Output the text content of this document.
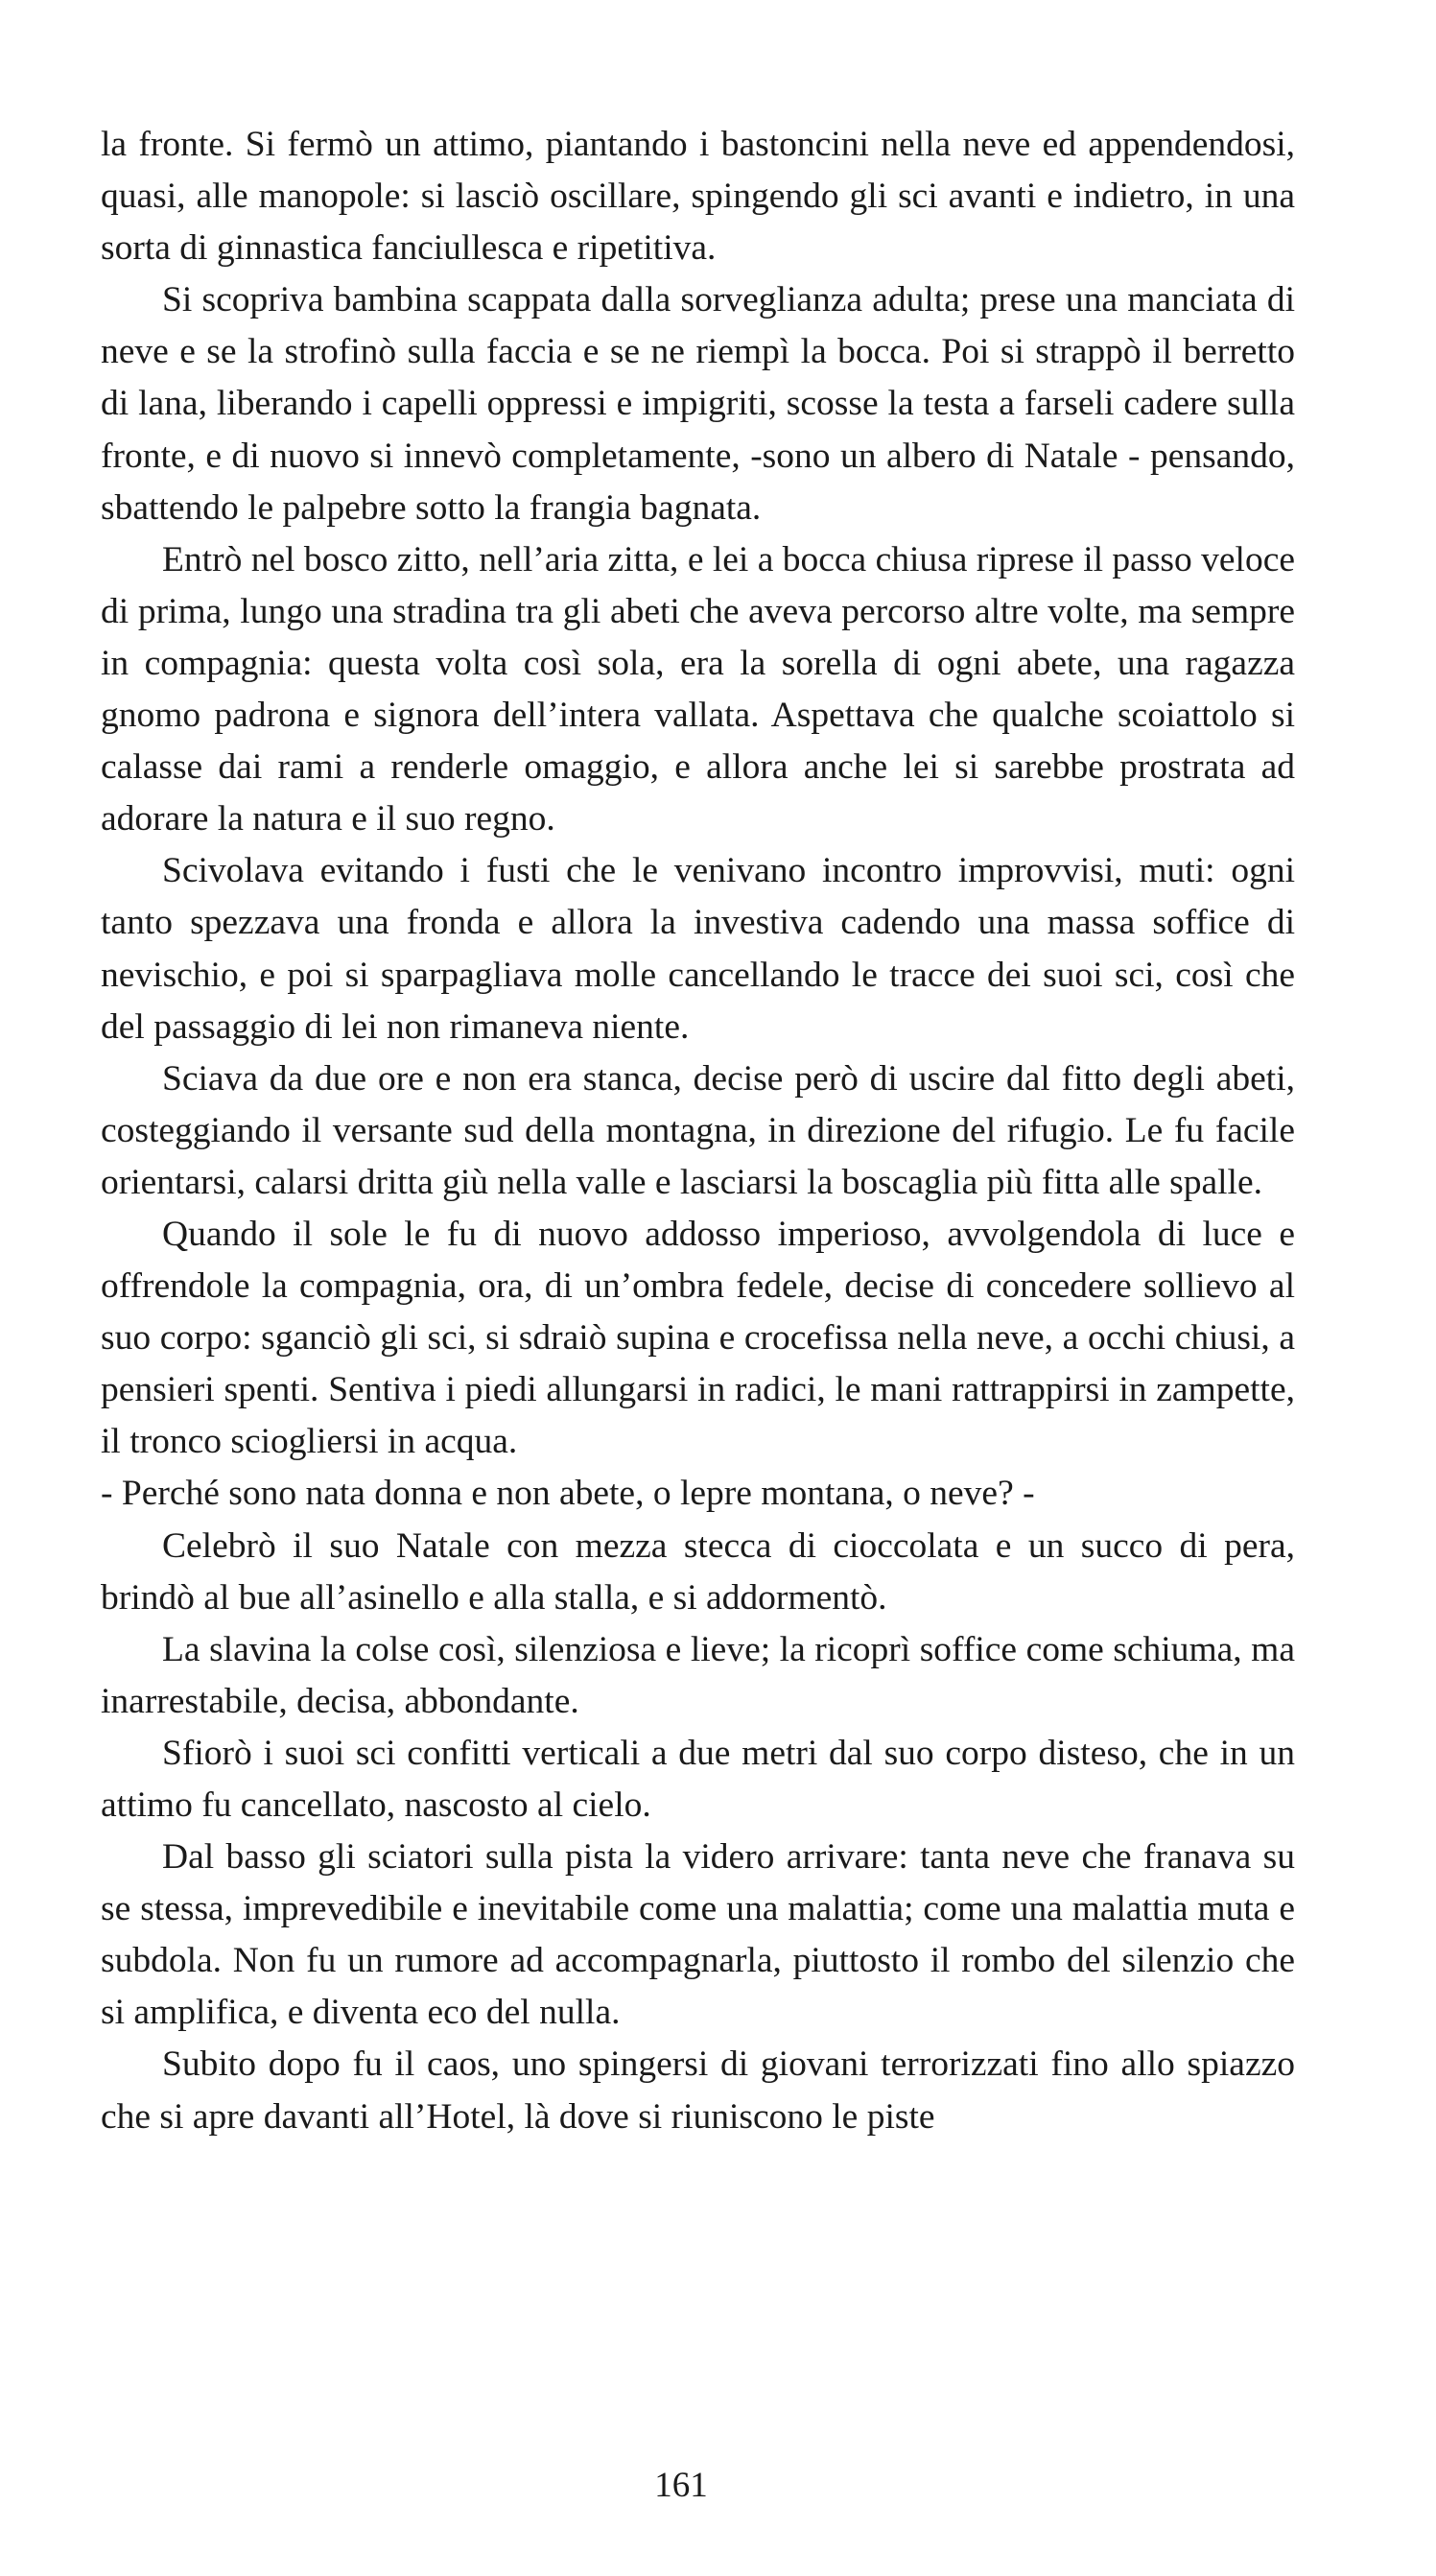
la fronte. Si fermò un attimo, piantando i bastoncini nella neve ed appendendosi, quasi, alle manopole: si lasciò oscillare, spingendo gli sci avanti e indietro, in una sorta di ginnastica fanciullesca e ripetitiva.

Si scopriva bambina scappata dalla sorveglianza adulta; prese una manciata di neve e se la strofinò sulla faccia e se ne riempì la bocca. Poi si strappò il berretto di lana, liberando i capelli oppressi e impigriti, scosse la testa a farseli cadere sulla fronte, e di nuovo si innevò completamente, -sono un albero di Natale - pensando, sbattendo le palpebre sotto la frangia bagnata.

Entrò nel bosco zitto, nell’aria zitta, e lei a bocca chiusa riprese il passo veloce di prima, lungo una stradina tra gli abeti che aveva percorso altre volte, ma sempre in compagnia: questa volta così sola, era la sorella di ogni abete, una ragazza gnomo padrona e signora dell’intera vallata. Aspettava che qualche scoiattolo si calasse dai rami a renderle omaggio, e allora anche lei si sarebbe prostrata ad adorare la natura e il suo regno.

Scivolava evitando i fusti che le venivano incontro improvvisi, muti: ogni tanto spezzava una fronda e allora la investiva cadendo una massa soffice di nevischio, e poi si sparpagliava molle cancellando le tracce dei suoi sci, così che del passaggio di lei non rimaneva niente.

Sciava da due ore e non era stanca, decise però di uscire dal fitto degli abeti, costeggiando il versante sud della montagna, in direzione del rifugio. Le fu facile orientarsi, calarsi dritta giù nella valle e lasciarsi la boscaglia più fitta alle spalle.

Quando il sole le fu di nuovo addosso imperioso, avvolgendola di luce e offrendole la compagnia, ora, di un’ombra fedele, decise di concedere sollievo al suo corpo: sganciò gli sci, si sdraiò supina e crocefissa nella neve, a occhi chiusi, a pensieri spenti. Sentiva i piedi allungarsi in radici, le mani rattrappirsi in zampette, il tronco sciogliersi in acqua.

- Perché sono nata donna e non abete, o lepre montana, o neve? -

Celebrò il suo Natale con mezza stecca di cioccolata e un succo di pera, brindò al bue all’asinello e alla stalla, e si addormentò.

La slavina la colse così, silenziosa e lieve; la ricoprì soffice come schiuma, ma inarrestabile, decisa, abbondante.

Sfiorò i suoi sci confitti verticali a due metri dal suo corpo disteso, che in un attimo fu cancellato, nascosto al cielo.

Dal basso gli sciatori sulla pista la videro arrivare: tanta neve che franava su se stessa, imprevedibile e inevitabile come una malattia; come una malattia muta e subdola. Non fu un rumore ad accompagnarla, piuttosto il rombo del silenzio che si amplifica, e diventa eco del nulla.

Subito dopo fu il caos, uno spingersi di giovani terrorizzati fino allo spiazzo che si apre davanti all’Hotel, là dove si riuniscono le piste

161
